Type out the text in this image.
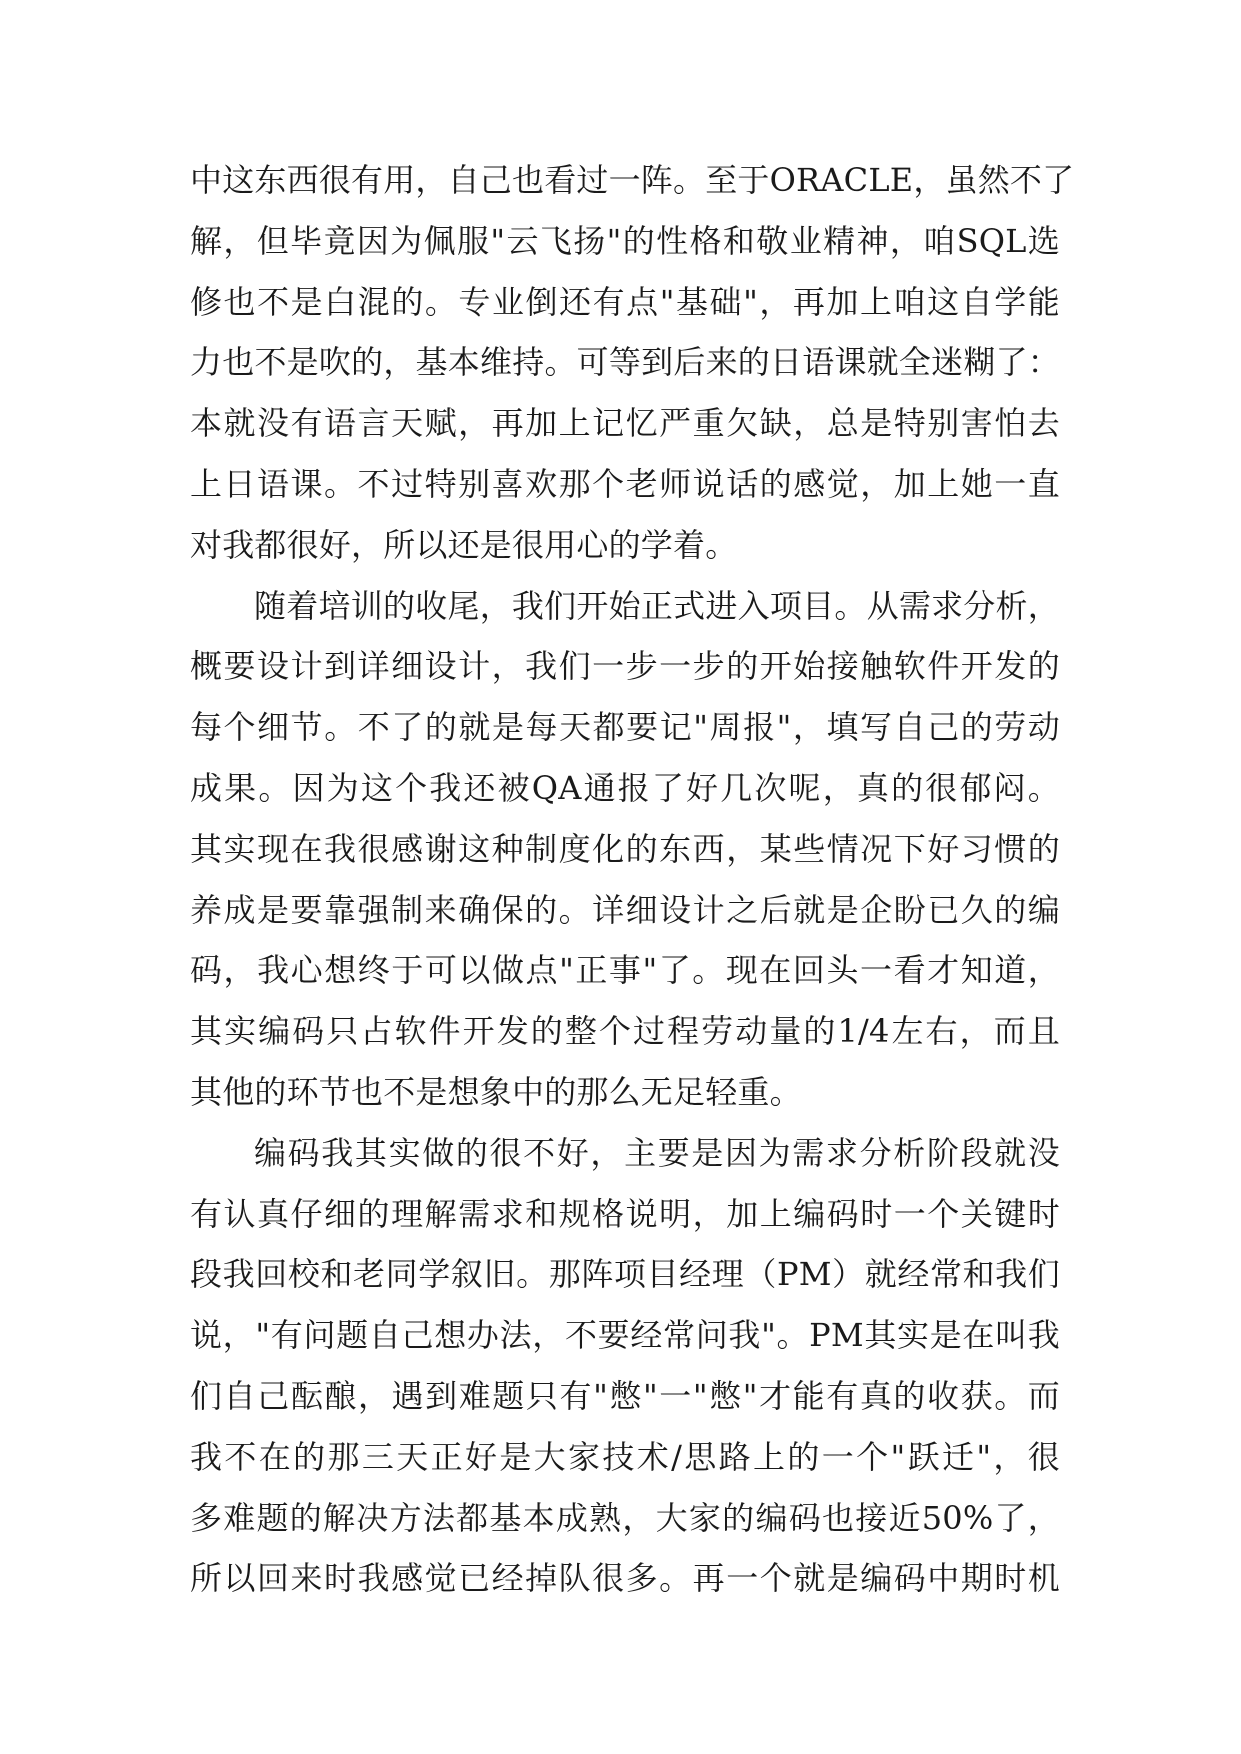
中这东西很有用，自己也看过一阵。至于ORACLE，虽然不了
解，但毕竟因为佩服"云飞扬"的性格和敬业精神，咱SQL选
修也不是白混的。专业倒还有点"基础"，再加上咱这自学能
力也不是吹的，基本维持。可等到后来的日语课就全迷糊了：
本就没有语言天赋，再加上记忆严重欠缺，总是特别害怕去
上日语课。不过特别喜欢那个老师说话的感觉，加上她一直
对我都很好，所以还是很用心的学着。
随着培训的收尾，我们开始正式进入项目。从需求分析，
概要设计到详细设计，我们一步一步的开始接触软件开发的
每个细节。不了的就是每天都要记"周报"，填写自己的劳动
成果。因为这个我还被QA通报了好几次呢，真的很郁闷。
其实现在我很感谢这种制度化的东西，某些情况下好习惯的
养成是要靠强制来确保的。详细设计之后就是企盼已久的编
码，我心想终于可以做点"正事"了。现在回头一看才知道，
其实编码只占软件开发的整个过程劳动量的1/4左右，而且
其他的环节也不是想象中的那么无足轻重。
编码我其实做的很不好，主要是因为需求分析阶段就没
有认真仔细的理解需求和规格说明，加上编码时一个关键时
段我回校和老同学叙旧。那阵项目经理（PM）就经常和我们
说，"有问题自己想办法，不要经常问我"。PM其实是在叫我
们自己酝酿，遇到难题只有"憋"一"憋"才能有真的收获。而
我不在的那三天正好是大家技术/思路上的一个"跃迁"，很
多难题的解决方法都基本成熟，大家的编码也接近50%了，
所以回来时我感觉已经掉队很多。再一个就是编码中期时机
